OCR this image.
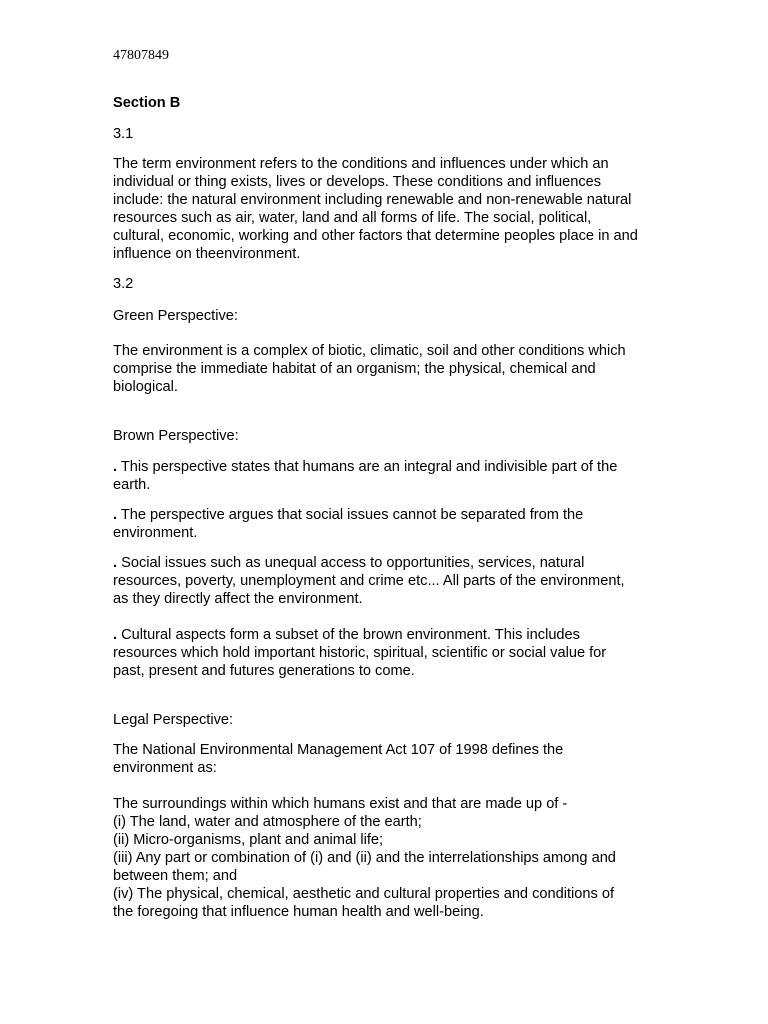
47807849
Section B
3.1
The term environment refers to the conditions and influences under which an
individual or thing exists, lives or develops. These conditions and influences
include: the natural environment including renewable and non-renewable natural
resources such as air, water, land and all forms of life. The social, political,
cultural, economic, working and other factors that determine peoples place in and
influence on theenvironment.
3.2
Green Perspective:
The environment is a complex of biotic, climatic, soil and other conditions which
comprise the immediate habitat of an organism; the physical, chemical and
biological.
Brown Perspective:
. This perspective states that humans are an integral and indivisible part of the
earth.
. The perspective argues that social issues cannot be separated from the
environment.
. Social issues such as unequal access to opportunities, services, natural
resources, poverty, unemployment and crime etc... All parts of the environment,
as they directly affect the environment.
. Cultural aspects form a subset of the brown environment. This includes
resources which hold important historic, spiritual, scientific or social value for
past, present and futures generations to come.
Legal Perspective:
The National Environmental Management Act 107 of 1998 defines the
environment as:
The surroundings within which humans exist and that are made up of -
(i) The land, water and atmosphere of the earth;
(ii) Micro-organisms, plant and animal life;
(iii) Any part or combination of (i) and (ii) and the interrelationships among and
between them; and
(iv) The physical, chemical, aesthetic and cultural properties and conditions of
the foregoing that influence human health and well-being.
